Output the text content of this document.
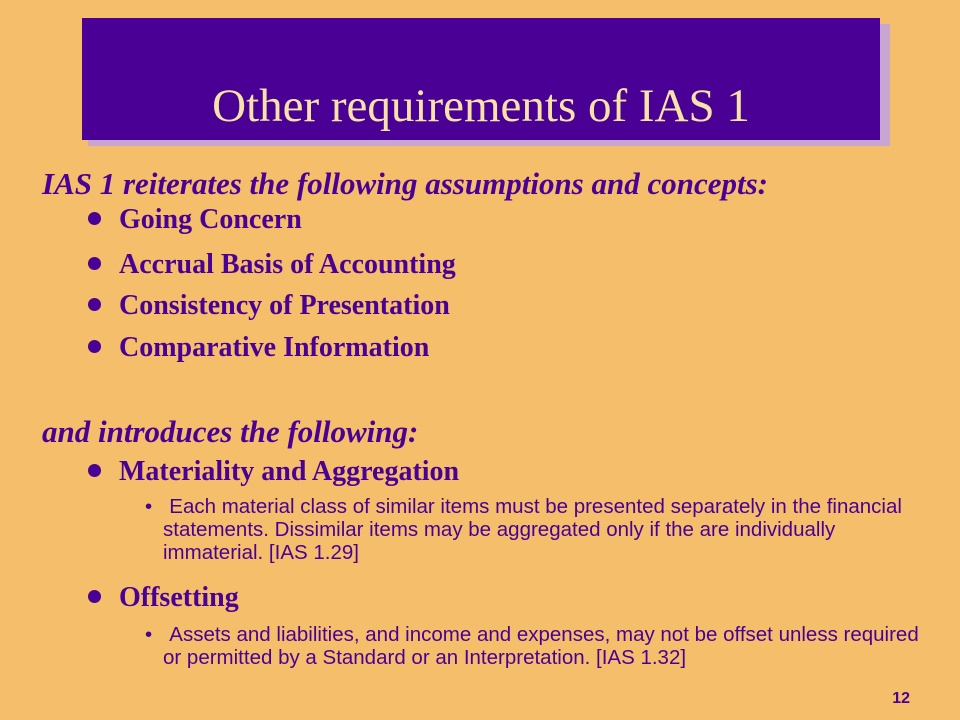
Other requirements of IAS 1
IAS 1 reiterates the following assumptions and concepts:
Going Concern
Accrual Basis of Accounting
Consistency of Presentation
Comparative Information
and introduces the following:
Materiality and Aggregation
• Each material class of similar items must be presented separately in the financial statements. Dissimilar items may be aggregated only if the are individually immaterial. [IAS 1.29]
Offsetting
• Assets and liabilities, and income and expenses, may not be offset unless required or permitted by a Standard or an Interpretation. [IAS 1.32]
12
